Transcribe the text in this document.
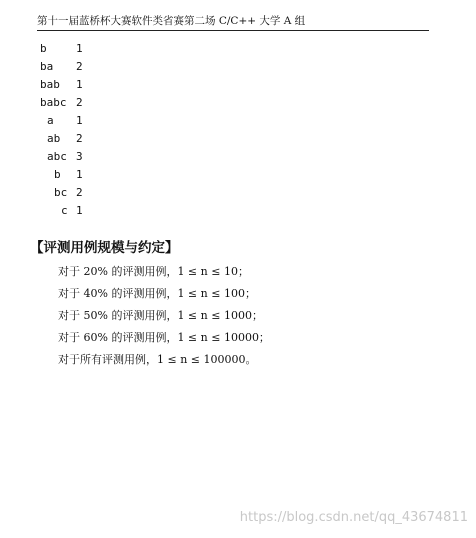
第十一届蓝桥杯大赛软件类省赛第二场 C/C++ 大学 A 组
b	1
ba 2
bab 1
babc 2
a 1
ab 2
abc 3
b 1
bc 2
c 1
【评测用例规模与约定】
对于 20% 的评测用例，1 ≤ n ≤ 10；
对于 40% 的评测用例，1 ≤ n ≤ 100；
对于 50% 的评测用例，1 ≤ n ≤ 1000；
对于 60% 的评测用例，1 ≤ n ≤ 10000；
对于所有评测用例，1 ≤ n ≤ 100000。
https://blog.csdn.net/qq_43674811
